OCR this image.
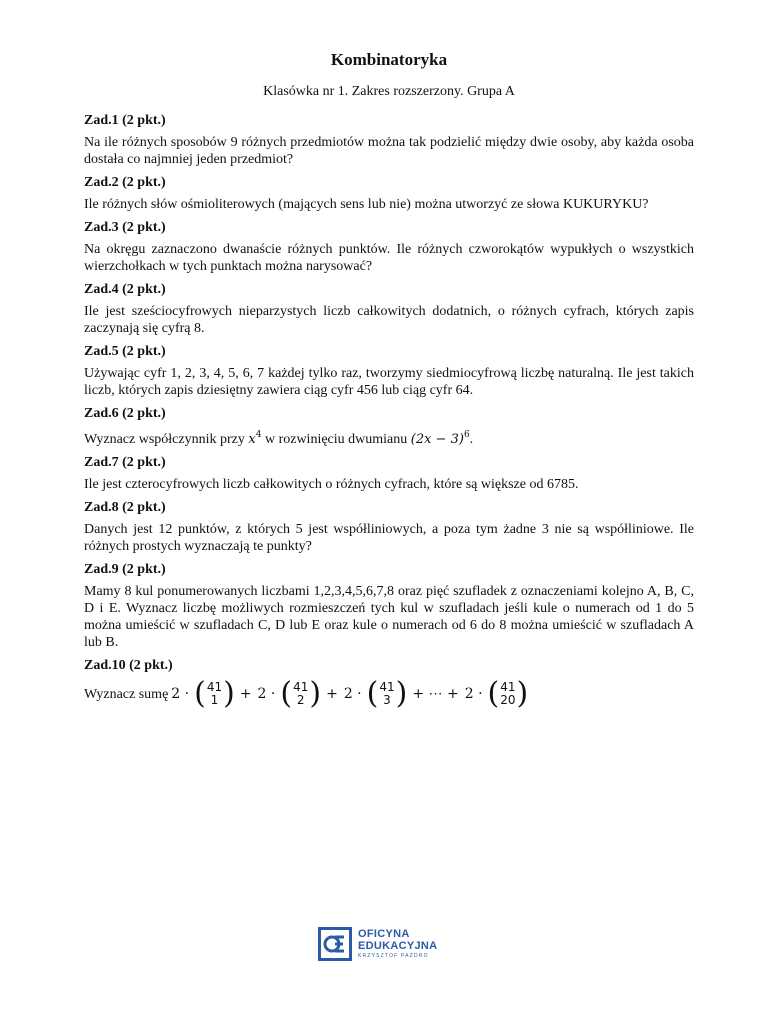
Kombinatoryka

Klasówka nr 1. Zakres rozszerzony. Grupa A

Zad.1 (2 pkt.)

Na ile różnych sposobów 9 różnych przedmiotów można tak podzielić między dwie osoby, aby każda osoba dostała co najmniej jeden przedmiot?

Zad.2 (2 pkt.)

Ile różnych słów ośmioliterowych (mających sens lub nie) można utworzyć ze słowa KUKURYKU?

Zad.3 (2 pkt.)

Na okręgu zaznaczono dwanaście różnych punktów. Ile różnych czworokątów wypukłych o wszystkich wierzchołkach w tych punktach można narysować?

Zad.4 (2 pkt.)

Ile jest sześciocyfrowych nieparzystych liczb całkowitych dodatnich, o różnych cyfrach, których zapis zaczynają się cyfrą 8.

Zad.5 (2 pkt.)

Używając cyfr 1, 2, 3, 4, 5, 6, 7 każdej tylko raz, tworzymy siedmiocyfrową liczbę naturalną. Ile jest takich liczb, których zapis dziesiętny zawiera ciąg cyfr 456 lub ciąg cyfr 64.

Zad.6 (2 pkt.)

Wyznacz współczynnik przy $x^4$ w rozwinięciu dwumianu $(2x - 3)^6$.

Zad.7 (2 pkt.)

Ile jest czterocyfrowych liczb całkowitych o różnych cyfrach, które są większe od 6785.

Zad.8 (2 pkt.)

Danych jest 12 punktów, z których 5 jest współliniowych, a poza tym żadne 3 nie są współliniowe. Ile różnych prostych wyznaczają te punkty?

Zad.9 (2 pkt.)

Mamy 8 kul ponumerowanych liczbami 1,2,3,4,5,6,7,8 oraz pięć szufladek z oznaczeniami kolejno A, B, C, D i E. Wyznacz liczbę możliwych rozmieszczeń tych kul w szufladach jeśli kule o numerach od 1 do 5 można umieścić w szufladach C, D lub E oraz kule o numerach od 6 do 8 można umieścić w szufladach A lub B.

Zad.10 (2 pkt.)

Wyznacz sumę 2 · ( 41
1 ) + 2 · ( 41
2 ) + 2 · ( 41
3 ) + ⋯ + 2 · ( 41
20 )

OFICYNA
EDUKACYJNA
KRZYSZTOF PAZDRO
